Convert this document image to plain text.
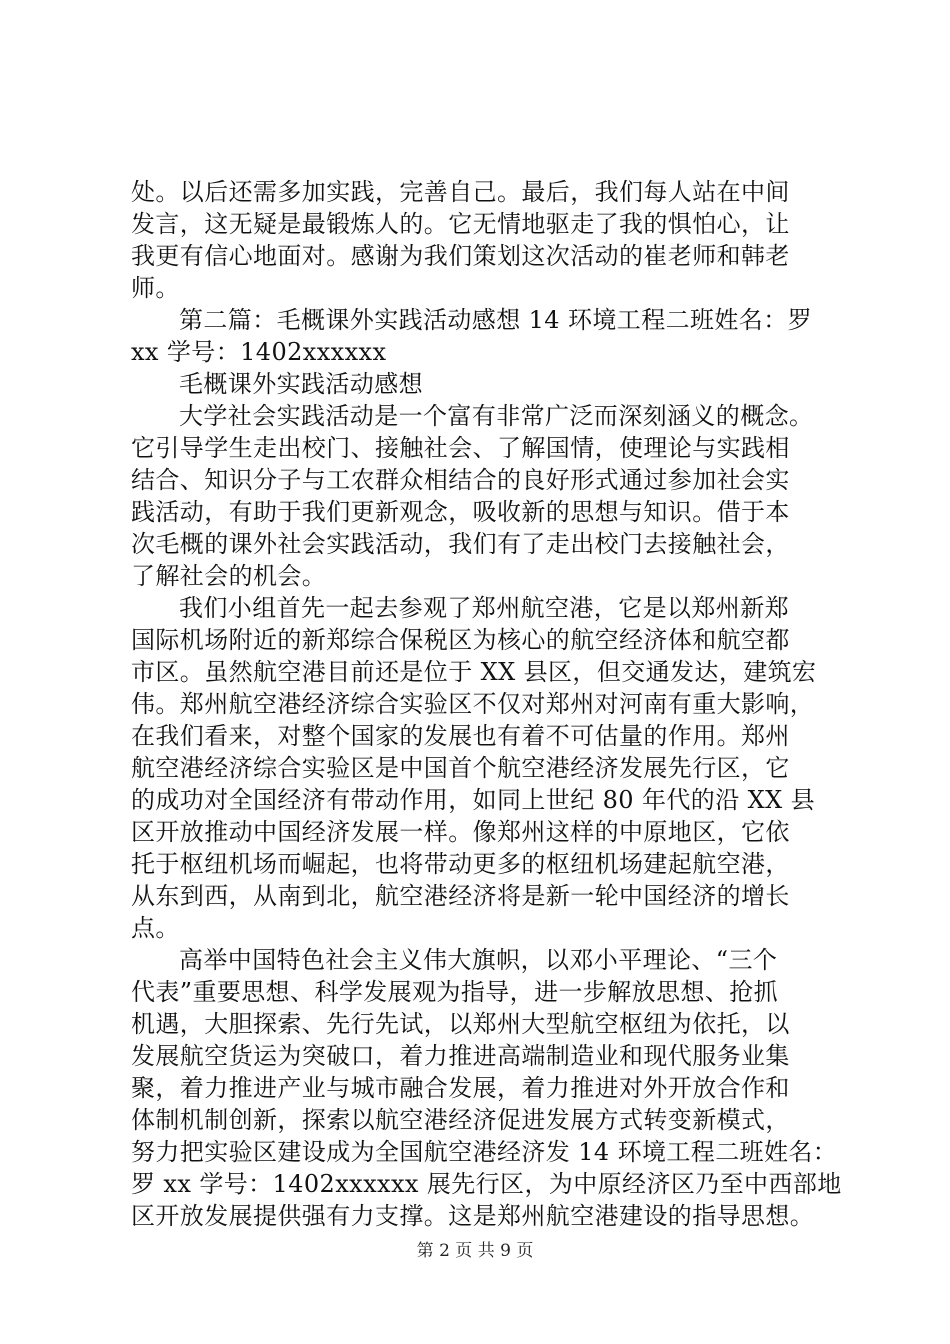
处。以后还需多加实践，完善自己。最后，我们每人站在中间
发言，这无疑是最锻炼人的。它无情地驱走了我的惧怕心，让
我更有信心地面对。感谢为我们策划这次活动的崔老师和韩老
师。
第二篇：毛概课外实践活动感想 14 环境工程二班姓名：罗
xx 学号：1402xxxxxx
毛概课外实践活动感想
大学社会实践活动是一个富有非常广泛而深刻涵义的概念。
它引导学生走出校门、接触社会、了解国情，使理论与实践相
结合、知识分子与工农群众相结合的良好形式通过参加社会实
践活动，有助于我们更新观念，吸收新的思想与知识。借于本
次毛概的课外社会实践活动，我们有了走出校门去接触社会，
了解社会的机会。
我们小组首先一起去参观了郑州航空港，它是以郑州新郑
国际机场附近的新郑综合保税区为核心的航空经济体和航空都
市区。虽然航空港目前还是位于 XX 县区，但交通发达，建筑宏
伟。郑州航空港经济综合实验区不仅对郑州对河南有重大影响，
在我们看来，对整个国家的发展也有着不可估量的作用。郑州
航空港经济综合实验区是中国首个航空港经济发展先行区，它
的成功对全国经济有带动作用，如同上世纪 80 年代的沿 XX 县
区开放推动中国经济发展一样。像郑州这样的中原地区，它依
托于枢纽机场而崛起，也将带动更多的枢纽机场建起航空港，
从东到西，从南到北，航空港经济将是新一轮中国经济的增长
点。
高举中国特色社会主义伟大旗帜，以邓小平理论、“三个
代表”重要思想、科学发展观为指导，进一步解放思想、抢抓
机遇，大胆探索、先行先试，以郑州大型航空枢纽为依托，以
发展航空货运为突破口，着力推进高端制造业和现代服务业集
聚，着力推进产业与城市融合发展，着力推进对外开放合作和
体制机制创新，探索以航空港经济促进发展方式转变新模式，
努力把实验区建设成为全国航空港经济发 14 环境工程二班姓名：
罗 xx 学号：1402xxxxxx 展先行区，为中原经济区乃至中西部地
区开放发展提供强有力支撑。这是郑州航空港建设的指导思想。
第 2 页 共 9 页
